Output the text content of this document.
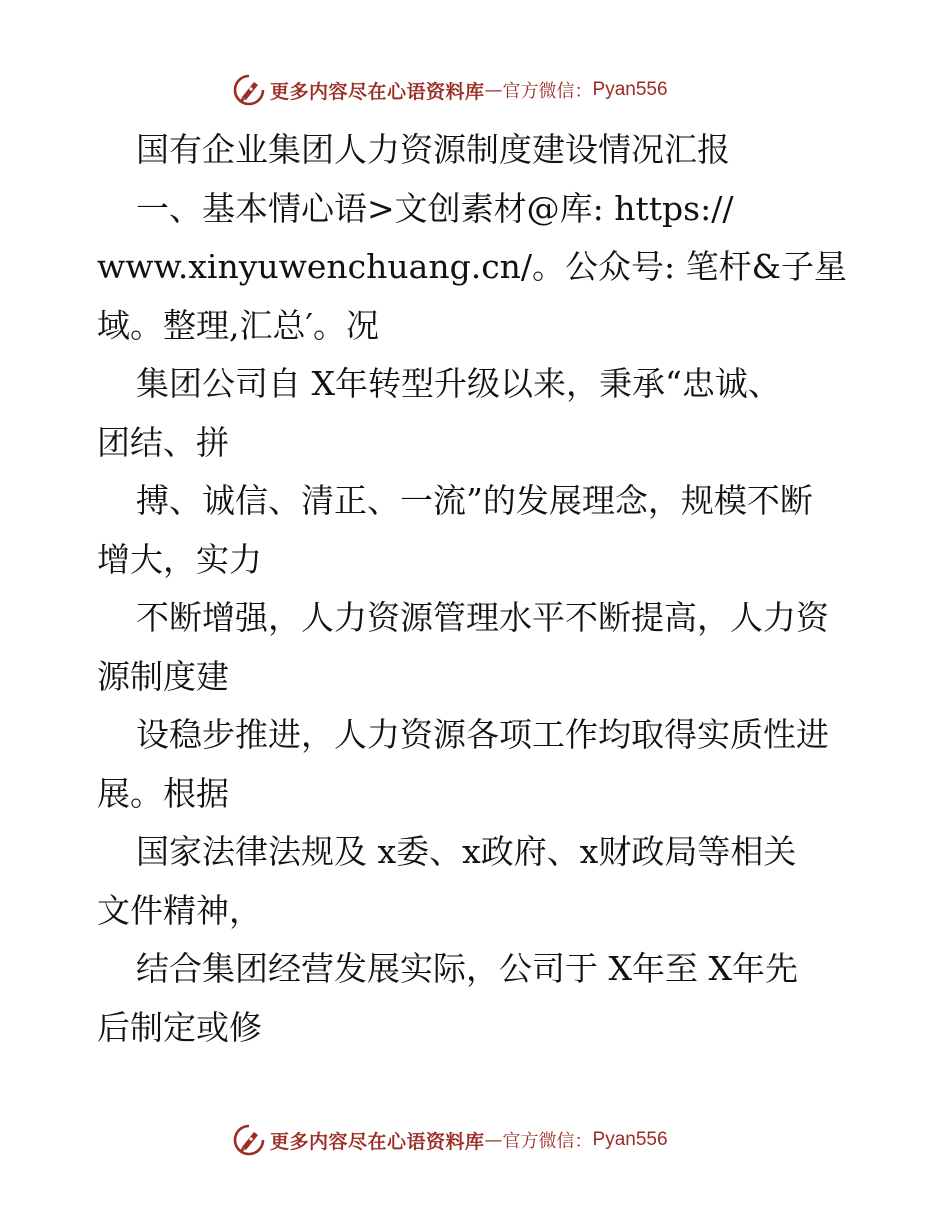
更多内容尽在心语资料库 — 官方微信： Pyan556

国有企业集团人力资源制度建设情况汇报

一、基本情心语>文创素材@库: https://

www.xinyuwenchuang.cn/。公众号: 笔杆&子星

域。整理,汇总′。况

集团公司自 X年转型升级以来，秉承“忠诚、

团结、拼

搏、诚信、清正、一流”的发展理念，规模不断

增大，实力

不断增强，人力资源管理水平不断提高，人力资

源制度建

设稳步推进，人力资源各项工作均取得实质性进

展。根据

国家法律法规及 x委、x政府、x财政局等相关

文件精神，

结合集团经营发展实际，公司于 X年至 X年先

后制定或修

更多内容尽在心语资料库 — 官方微信： Pyan556
